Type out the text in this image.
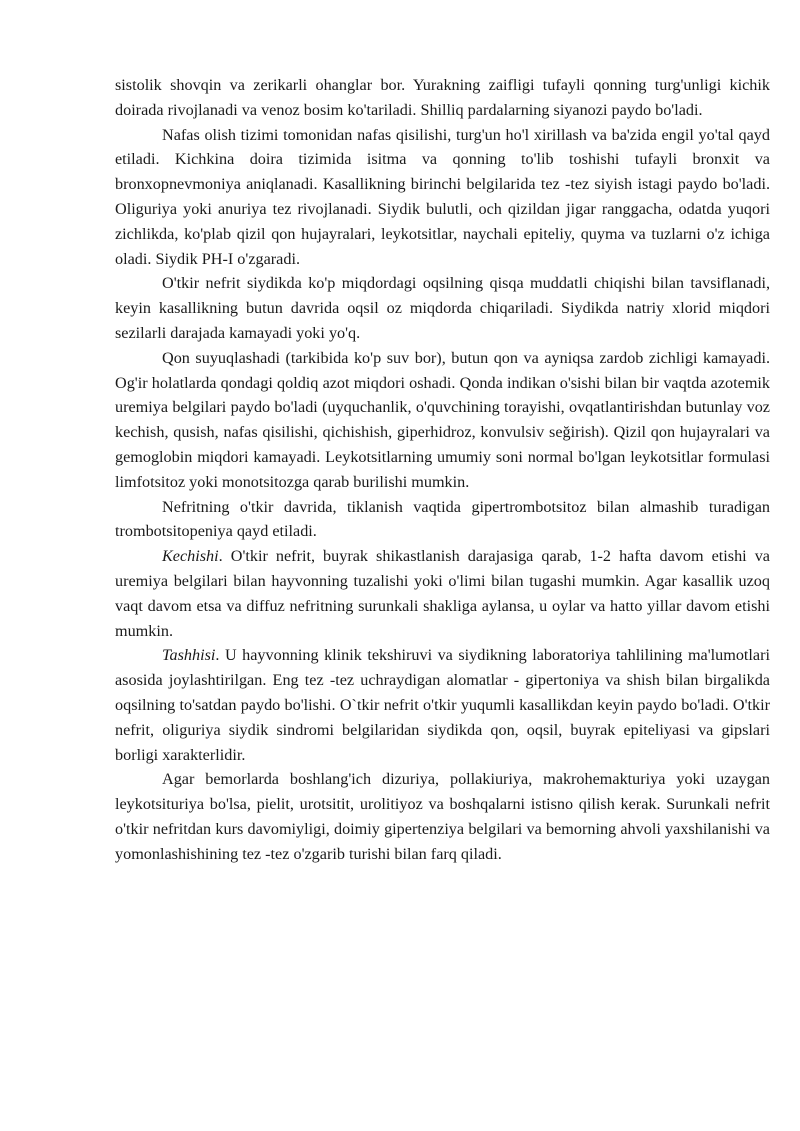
sistolik shovqin va zerikarli ohanglar bor. Yurakning zaifligi tufayli qonning turg'unligi kichik doirada rivojlanadi va venoz bosim ko'tariladi. Shilliq pardalarning siyanozi paydo bo'ladi.

Nafas olish tizimi tomonidan nafas qisilishi, turg'un ho'l xirillash va ba'zida engil yo'tal qayd etiladi. Kichkina doira tizimida isitma va qonning to'lib toshishi tufayli bronxit va bronxopnevmoniya aniqlanadi. Kasallikning birinchi belgilarida tez -tez siyish istagi paydo bo'ladi. Oliguriya yoki anuriya tez rivojlanadi. Siydik bulutli, och qizildan jigar ranggacha, odatda yuqori zichlikda, ko'plab qizil qon hujayralari, leykotsitlar, naychali epiteliy, quyma va tuzlarni o'z ichiga oladi. Siydik PH-I o'zgaradi.

O'tkir nefrit siydikda ko'p miqdordagi oqsilning qisqa muddatli chiqishi bilan tavsiflanadi, keyin kasallikning butun davrida oqsil oz miqdorda chiqariladi. Siydikda natriy xlorid miqdori sezilarli darajada kamayadi yoki yo'q.

Qon suyuqlashadi (tarkibida ko'p suv bor), butun qon va ayniqsa zardob zichligi kamayadi. Og'ir holatlarda qondagi qoldiq azot miqdori oshadi. Qonda indikan o'sishi bilan bir vaqtda azotemik uremiya belgilari paydo bo'ladi (uyquchanlik, o'quvchining torayishi, ovqatlantirishdan butunlay voz kechish, qusish, nafas qisilishi, qichishish, giperhidroz, konvulsiv seğirish). Qizil qon hujayralari va gemoglobin miqdori kamayadi. Leykotsitlarning umumiy soni normal bo'lgan leykotsitlar formulasi limfotsitoz yoki monotsitozga qarab burilishi mumkin.

Nefritning o'tkir davrida, tiklanish vaqtida gipertrombotsitoz bilan almashib turadigan trombotsitopeniya qayd etiladi.

Kechishi. O'tkir nefrit, buyrak shikastlanish darajasiga qarab, 1-2 hafta davom etishi va uremiya belgilari bilan hayvonning tuzalishi yoki o'limi bilan tugashi mumkin. Agar kasallik uzoq vaqt davom etsa va diffuz nefritning surunkali shakliga aylansa, u oylar va hatto yillar davom etishi mumkin.

Tashhisi. U hayvonning klinik tekshiruvi va siydikning laboratoriya tahlilining ma'lumotlari asosida joylashtirilgan. Eng tez -tez uchraydigan alomatlar - gipertoniya va shish bilan birgalikda oqsilning to'satdan paydo bo'lishi. O`tkir nefrit o'tkir yuqumli kasallikdan keyin paydo bo'ladi. O'tkir nefrit, oliguriya siydik sindromi belgilaridan siydikda qon, oqsil, buyrak epiteliyasi va gipslari borligi xarakterlidir.

Agar bemorlarda boshlang'ich dizuriya, pollakiuriya, makrohemakturiya yoki uzaygan leykotsituriya bo'lsa, pielit, urotsitit, urolitiyoz va boshqalarni istisno qilish kerak. Surunkali nefrit o'tkir nefritdan kurs davomiyligi, doimiy gipertenziya belgilari va bemorning ahvoli yaxshilanishi va yomonlashishining tez -tez o'zgarib turishi bilan farq qiladi.
